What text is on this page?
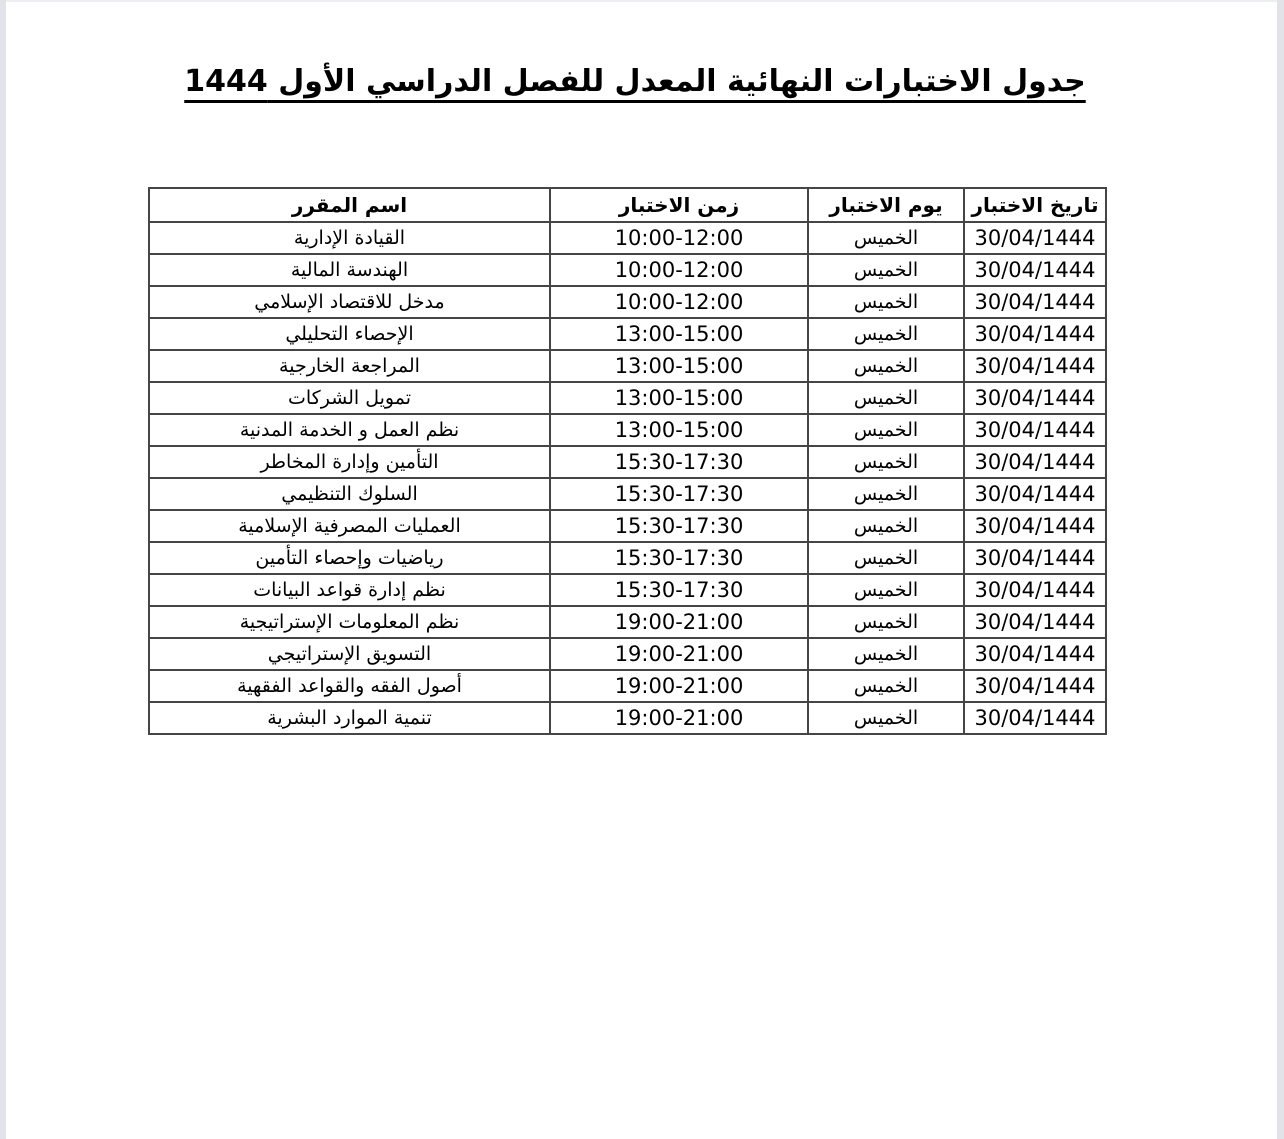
جدول الاختبارات النهائية المعدل للفصل الدراسي الأول 1444
تاريخ الاختبار	يوم الاختبار	زمن الاختبار	اسم المقرر
30/04/1444	الخميس	10:00-12:00	القيادة الإدارية
30/04/1444	الخميس	10:00-12:00	الهندسة المالية
30/04/1444	الخميس	10:00-12:00	مدخل للاقتصاد الإسلامي
30/04/1444	الخميس	13:00-15:00	الإحصاء التحليلي
30/04/1444	الخميس	13:00-15:00	المراجعة الخارجية
30/04/1444	الخميس	13:00-15:00	تمويل الشركات
30/04/1444	الخميس	13:00-15:00	نظم العمل و الخدمة المدنية
30/04/1444	الخميس	15:30-17:30	التأمين وإدارة المخاطر
30/04/1444	الخميس	15:30-17:30	السلوك التنظيمي
30/04/1444	الخميس	15:30-17:30	العمليات المصرفية الإسلامية
30/04/1444	الخميس	15:30-17:30	رياضيات وإحصاء التأمين
30/04/1444	الخميس	15:30-17:30	نظم إدارة قواعد البيانات
30/04/1444	الخميس	19:00-21:00	نظم المعلومات الإستراتيجية
30/04/1444	الخميس	19:00-21:00	التسويق الإستراتيجي
30/04/1444	الخميس	19:00-21:00	أصول الفقه والقواعد الفقهية
30/04/1444	الخميس	19:00-21:00	تنمية الموارد البشرية
